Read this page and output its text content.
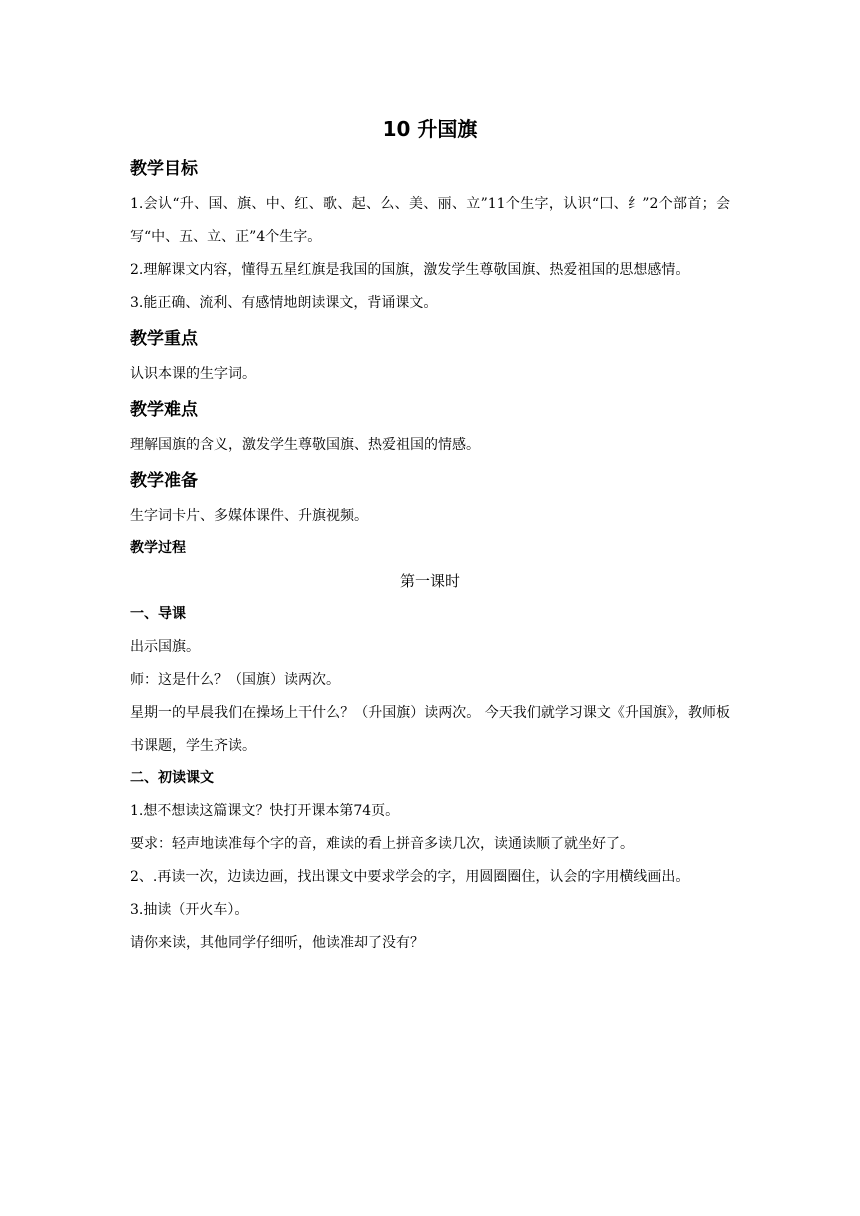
10 升国旗
教学目标

1.会认“升、国、旗、中、红、歌、起、么、美、丽、立”11个生字，认识“囗、纟”2个部首；会写“中、五、立、正”4个生字。

2.理解课文内容，懂得五星红旗是我国的国旗，激发学生尊敬国旗、热爱祖国的思想感情。

3.能正确、流利、有感情地朗读课文，背诵课文。

教学重点

认识本课的生字词。

教学难点

理解国旗的含义，激发学生尊敬国旗、热爱祖国的情感。

教学准备

生字词卡片、多媒体课件、升旗视频。

教学过程
第一课时
一、导课

出示国旗。

师：这是什么？（国旗）读两次。

星期一的早晨我们在操场上干什么？（升国旗）读两次。 今天我们就学习课文《升国旗》，教师板书课题，学生齐读。

二、初读课文

1.想不想读这篇课文？快打开课本第74页。

要求：轻声地读准每个字的音，难读的看上拼音多读几次，读通读顺了就坐好了。

2、.再读一次，边读边画，找出课文中要求学会的字，用圆圈圈住，认会的字用横线画出。

3.抽读（开火车）。

请你来读，其他同学仔细听，他读准却了没有？
